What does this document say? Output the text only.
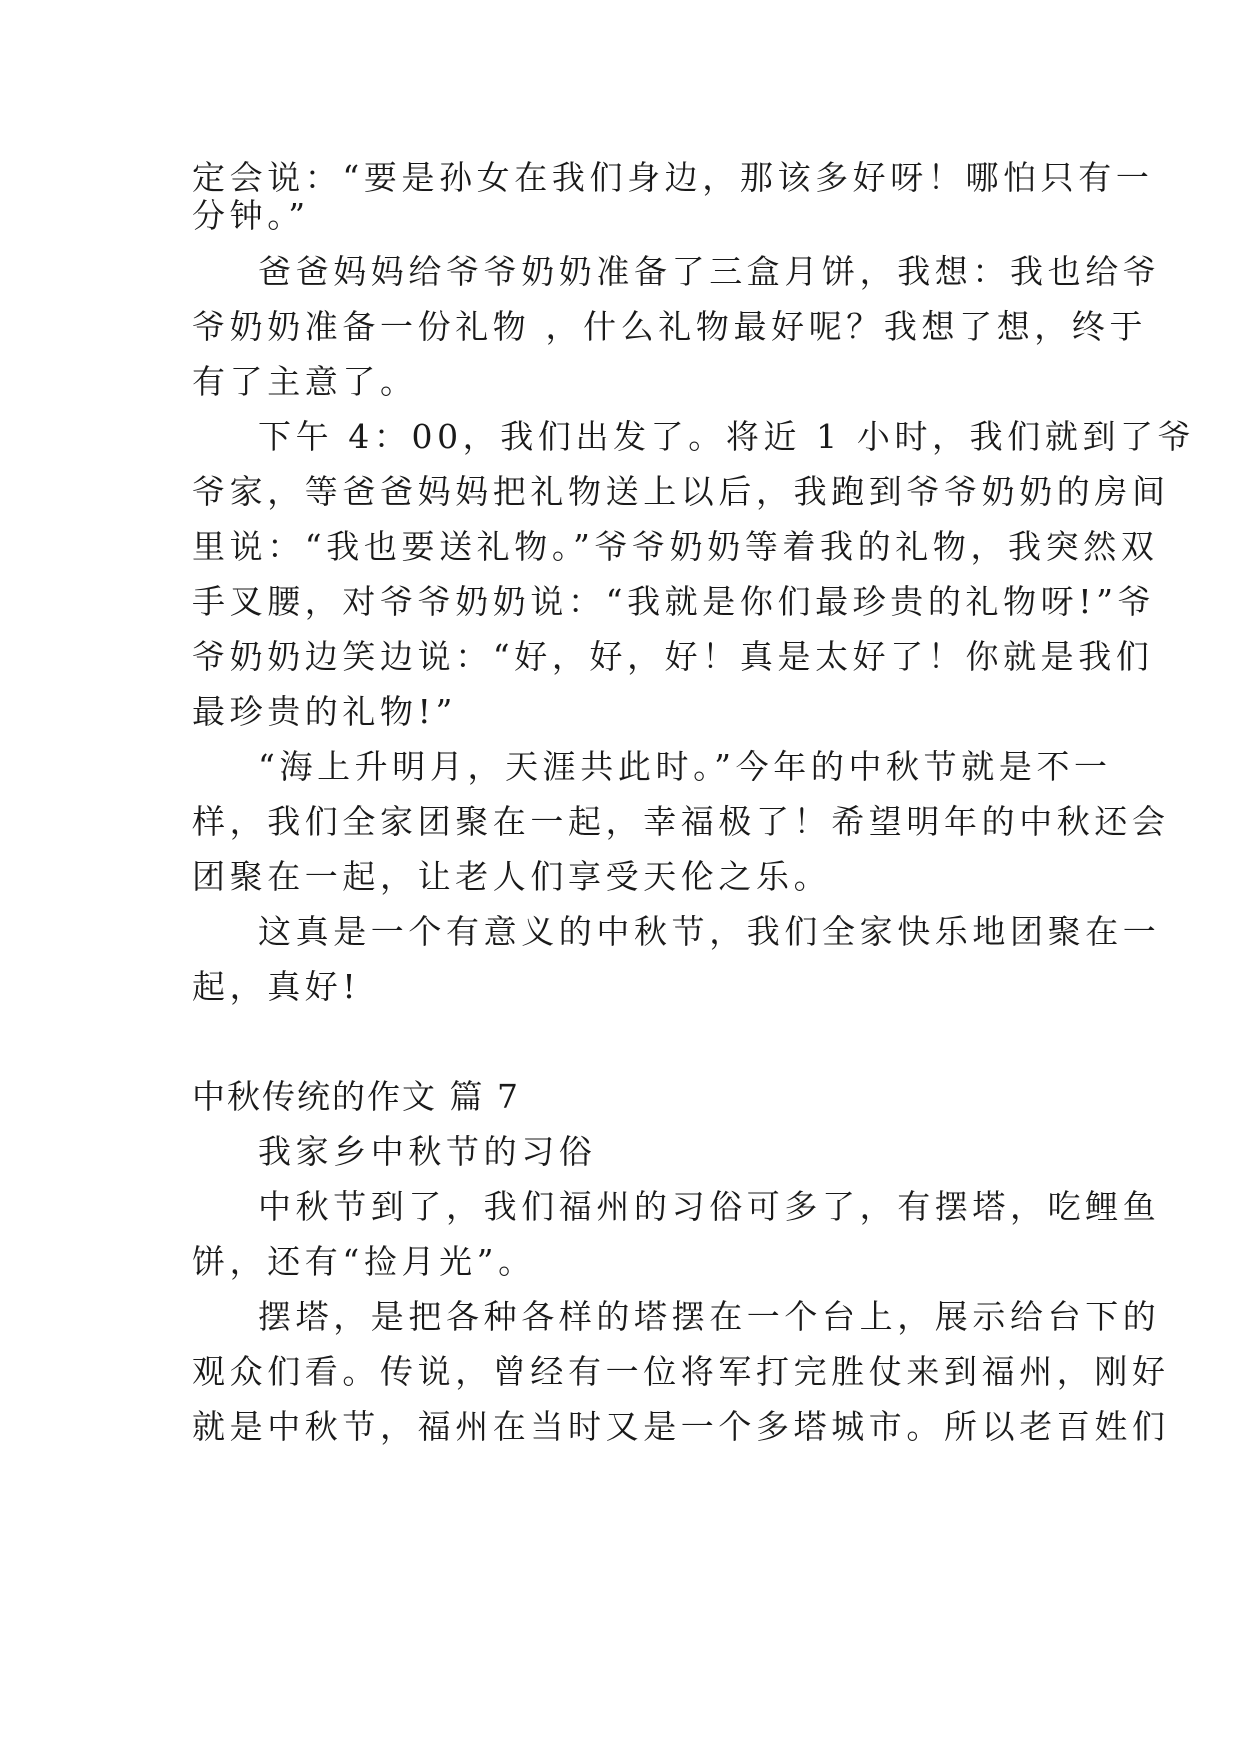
定会说：“要是孙女在我们身边，那该多好呀！哪怕只有一
分钟。”
爸爸妈妈给爷爷奶奶准备了三盒月饼，我想：我也给爷
爷奶奶准备一份礼物 ，什么礼物最好呢？我想了想，终于
有了主意了。
下午 4：00，我们出发了。将近 1 小时，我们就到了爷
爷家，等爸爸妈妈把礼物送上以后，我跑到爷爷奶奶的房间
里说：“我也要送礼物。”爷爷奶奶等着我的礼物，我突然双
手叉腰，对爷爷奶奶说：“我就是你们最珍贵的礼物呀!”爷
爷奶奶边笑边说：“好，好，好！真是太好了！你就是我们
最珍贵的礼物!”
“海上升明月，天涯共此时。”今年的中秋节就是不一
样，我们全家团聚在一起，幸福极了！希望明年的中秋还会
团聚在一起，让老人们享受天伦之乐。
这真是一个有意义的中秋节，我们全家快乐地团聚在一
起，真好!
中秋传统的作文 篇 7
我家乡中秋节的习俗
中秋节到了，我们福州的习俗可多了，有摆塔，吃鲤鱼
饼，还有“捡月光”。
摆塔，是把各种各样的塔摆在一个台上，展示给台下的
观众们看。传说，曾经有一位将军打完胜仗来到福州，刚好
就是中秋节，福州在当时又是一个多塔城市。所以老百姓们
